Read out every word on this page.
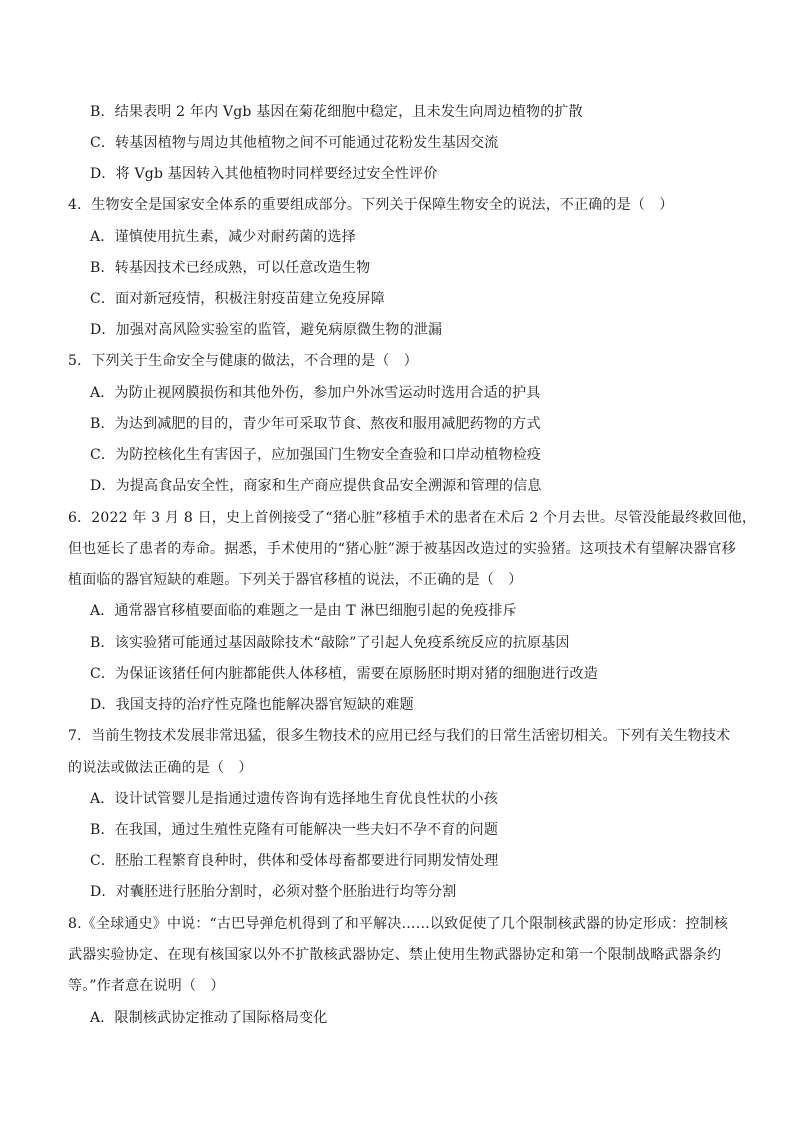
B．结果表明 2 年内 Vgb 基因在菊花细胞中稳定，且未发生向周边植物的扩散
C．转基因植物与周边其他植物之间不可能通过花粉发生基因交流
D．将 Vgb 基因转入其他植物时同样要经过安全性评价
4．生物安全是国家安全体系的重要组成部分。下列关于保障生物安全的说法，不正确的是（　）
A．谨慎使用抗生素，减少对耐药菌的选择
B．转基因技术已经成熟，可以任意改造生物
C．面对新冠疫情，积极注射疫苗建立免疫屏障
D．加强对高风险实验室的监管，避免病原微生物的泄漏
5．下列关于生命安全与健康的做法，不合理的是（　）
A．为防止视网膜损伤和其他外伤，参加户外冰雪运动时选用合适的护具
B．为达到减肥的目的，青少年可采取节食、熬夜和服用减肥药物的方式
C．为防控核化生有害因子，应加强国门生物安全查验和口岸动植物检疫
D．为提高食品安全性，商家和生产商应提供食品安全溯源和管理的信息
6．2022 年 3 月 8 日，史上首例接受了“猪心脏”移植手术的患者在术后 2 个月去世。尽管没能最终救回他，
但也延长了患者的寿命。据悉，手术使用的“猪心脏”源于被基因改造过的实验猪。这项技术有望解决器官移
植面临的器官短缺的难题。下列关于器官移植的说法，不正确的是（　）
A．通常器官移植要面临的难题之一是由 T 淋巴细胞引起的免疫排斥
B．该实验猪可能通过基因敲除技术“敲除”了引起人免疫系统反应的抗原基因
C．为保证该猪任何内脏都能供人体移植，需要在原肠胚时期对猪的细胞进行改造
D．我国支持的治疗性克隆也能解决器官短缺的难题
7．当前生物技术发展非常迅猛，很多生物技术的应用已经与我们的日常生活密切相关。下列有关生物技术
的说法或做法正确的是（　）
A．设计试管婴儿是指通过遗传咨询有选择地生育优良性状的小孩
B．在我国，通过生殖性克隆有可能解决一些夫妇不孕不育的问题
C．胚胎工程繁育良种时，供体和受体母畜都要进行同期发情处理
D．对囊胚进行胚胎分割时，必须对整个胚胎进行均等分割
8.《全球通史》中说：“古巴导弹危机得到了和平解决……以致促使了几个限制核武器的协定形成：控制核
武器实验协定、在现有核国家以外不扩散核武器协定、禁止使用生物武器协定和第一个限制战略武器条约
等。”作者意在说明（　）
A．限制核武协定推动了国际格局变化
